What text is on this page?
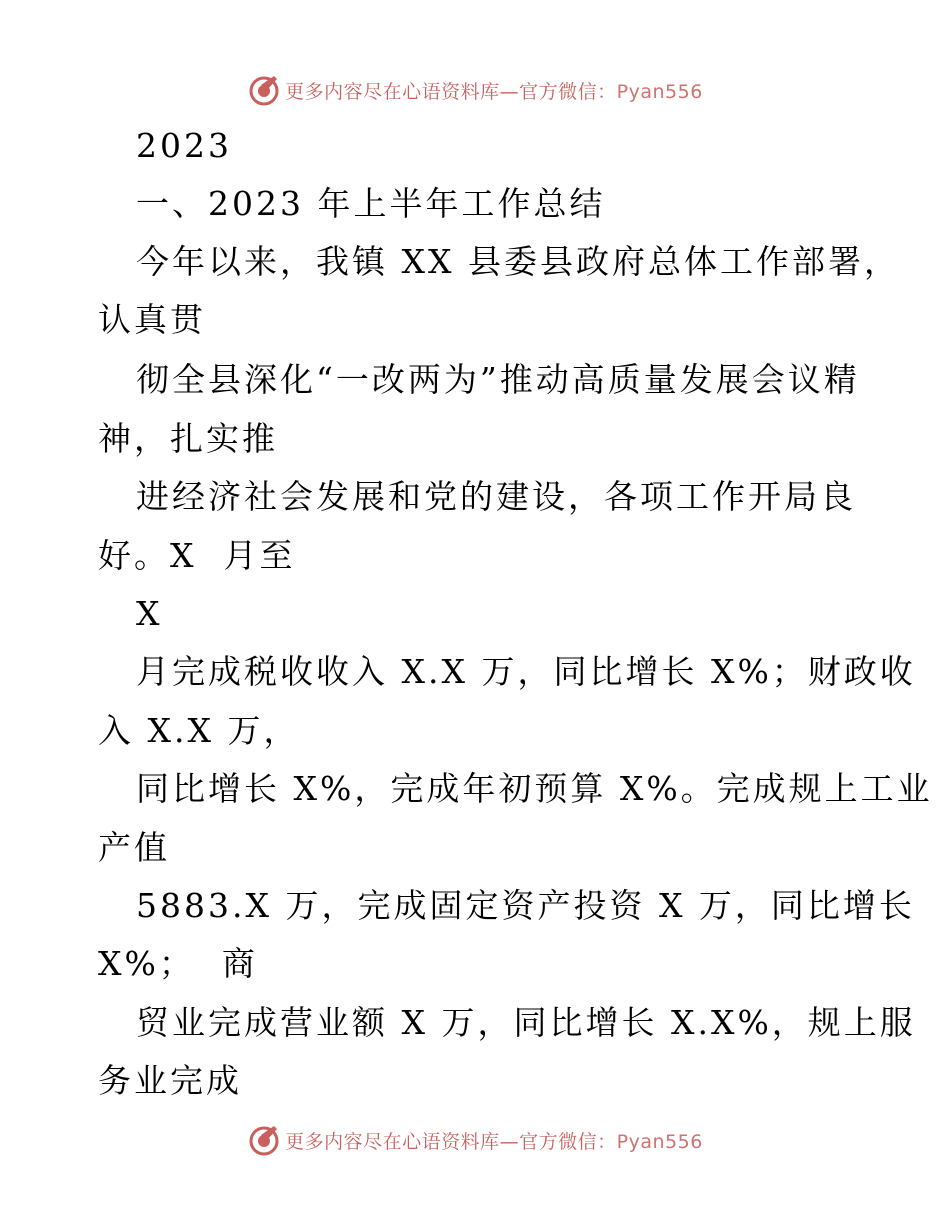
更多内容尽在心语资料库—官方微信：Pyan556
2023
一、2023 年上半年工作总结
今年以来，我镇 XX 县委县政府总体工作部署，
认真贯
彻全县深化“一改两为”推动高质量发展会议精
神，扎实推
进经济社会发展和党的建设，各项工作开局良
好。X  月至
X
月完成税收收入 X.X 万，同比增长 X%；财政收
入 X.X 万，
同比增长 X%，完成年初预算 X%。完成规上工业
产值
5883.X 万，完成固定资产投资 X 万，同比增长
X%；  商
贸业完成营业额 X 万，同比增长 X.X%，规上服
务业完成
更多内容尽在心语资料库—官方微信：Pyan556
